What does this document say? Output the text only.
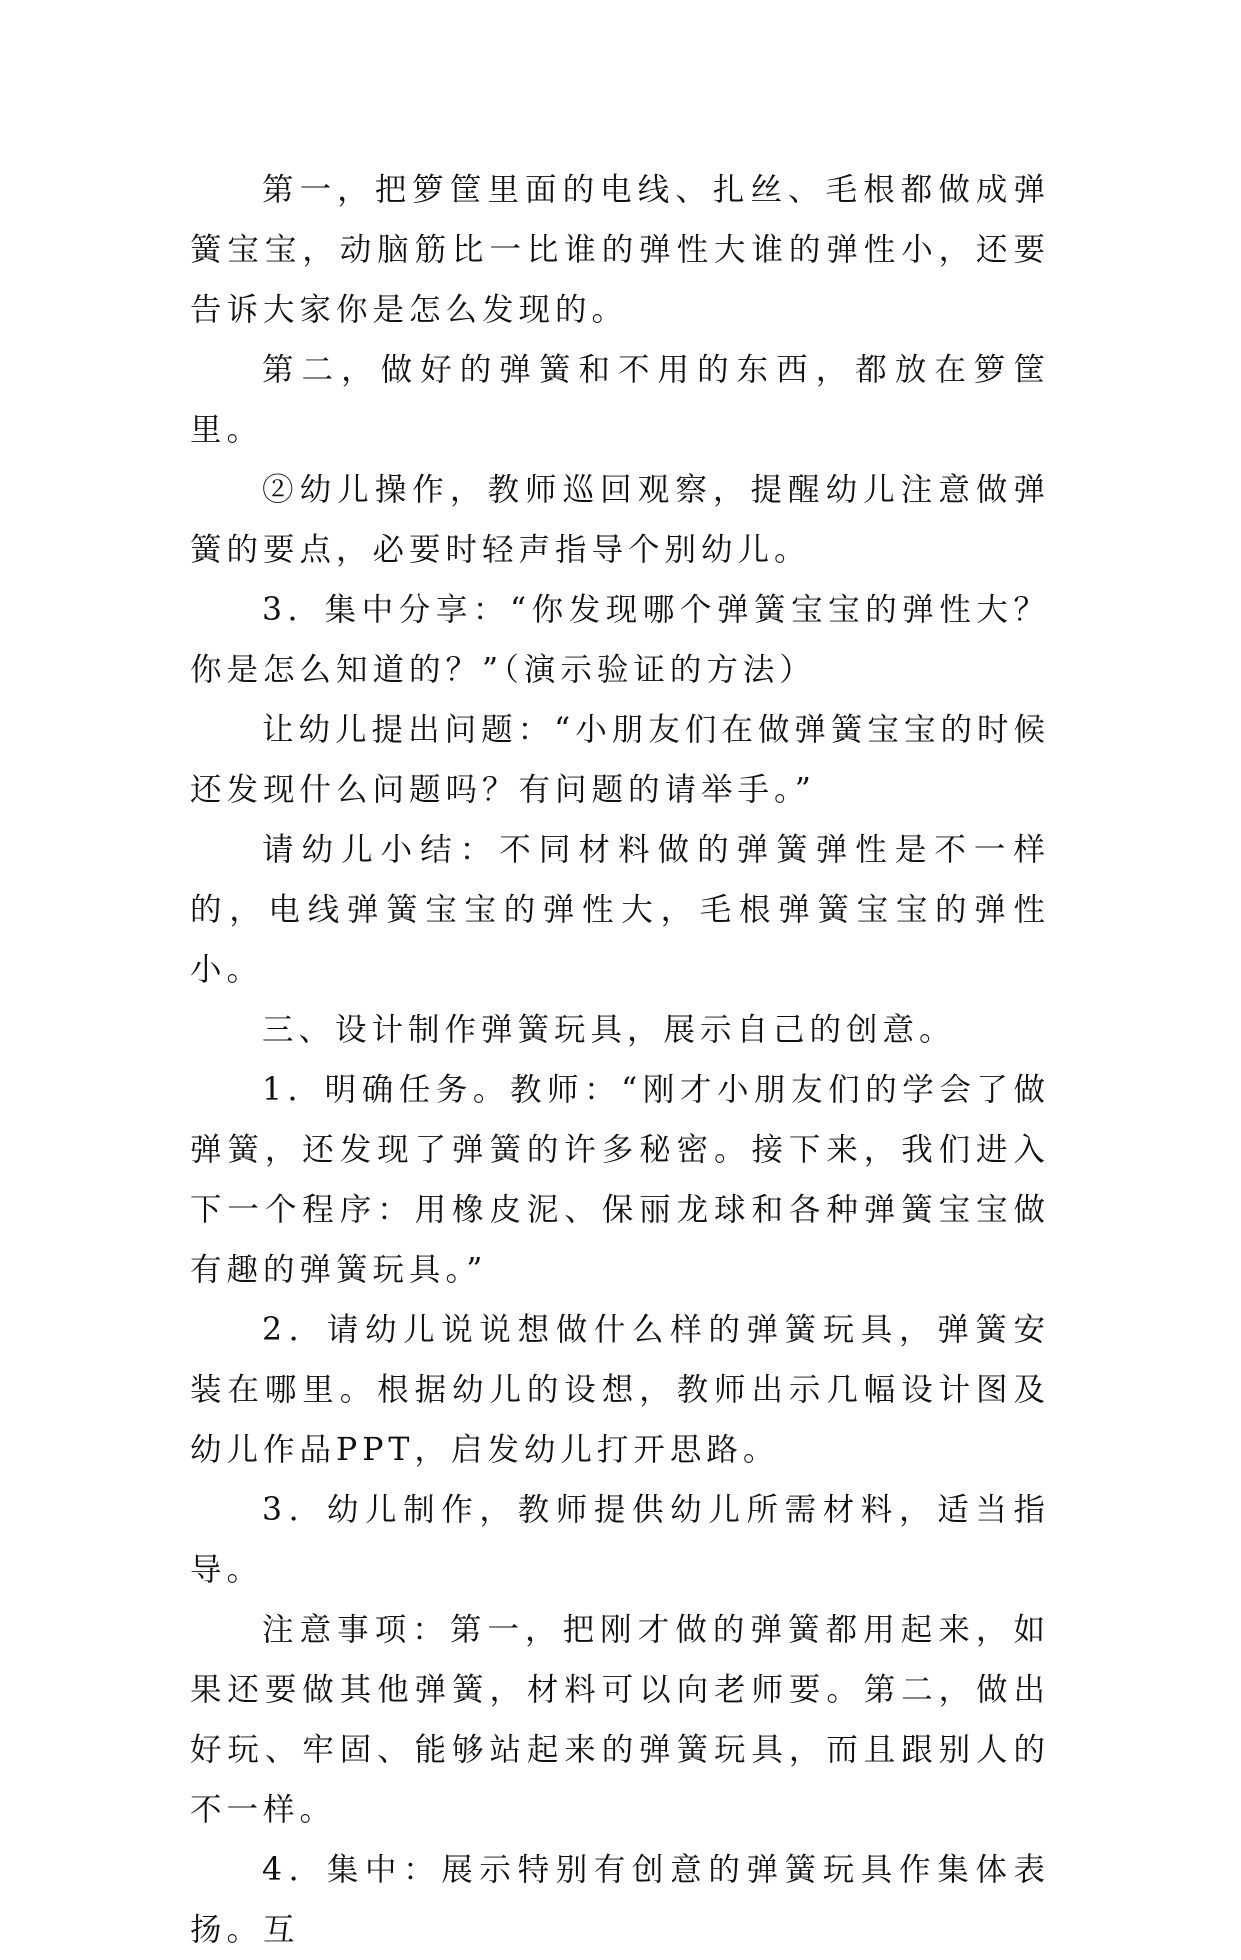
第一，把箩筐里面的电线、扎丝、毛根都做成弹簧宝宝，动脑筋比一比谁的弹性大谁的弹性小，还要告诉大家你是怎么发现的。

第二，做好的弹簧和不用的东西，都放在箩筐里。

②幼儿操作，教师巡回观察，提醒幼儿注意做弹簧的要点，必要时轻声指导个别幼儿。

3．集中分享：“你发现哪个弹簧宝宝的弹性大？你是怎么知道的？”（演示验证的方法）

让幼儿提出问题：“小朋友们在做弹簧宝宝的时候还发现什么问题吗？有问题的请举手。”

请幼儿小结：不同材料做的弹簧弹性是不一样的，电线弹簧宝宝的弹性大，毛根弹簧宝宝的弹性小。

三、设计制作弹簧玩具，展示自己的创意。

1．明确任务。教师：“刚才小朋友们的学会了做弹簧，还发现了弹簧的许多秘密。接下来，我们进入下一个程序：用橡皮泥、保丽龙球和各种弹簧宝宝做有趣的弹簧玩具。”

2．请幼儿说说想做什么样的弹簧玩具，弹簧安装在哪里。根据幼儿的设想，教师出示几幅设计图及幼儿作品PPT，启发幼儿打开思路。

3．幼儿制作，教师提供幼儿所需材料，适当指导。

注意事项：第一，把刚才做的弹簧都用起来，如果还要做其他弹簧，材料可以向老师要。第二，做出好玩、牢固、能够站起来的弹簧玩具，而且跟别人的不一样。

4．集中：展示特别有创意的弹簧玩具作集体表扬。互
